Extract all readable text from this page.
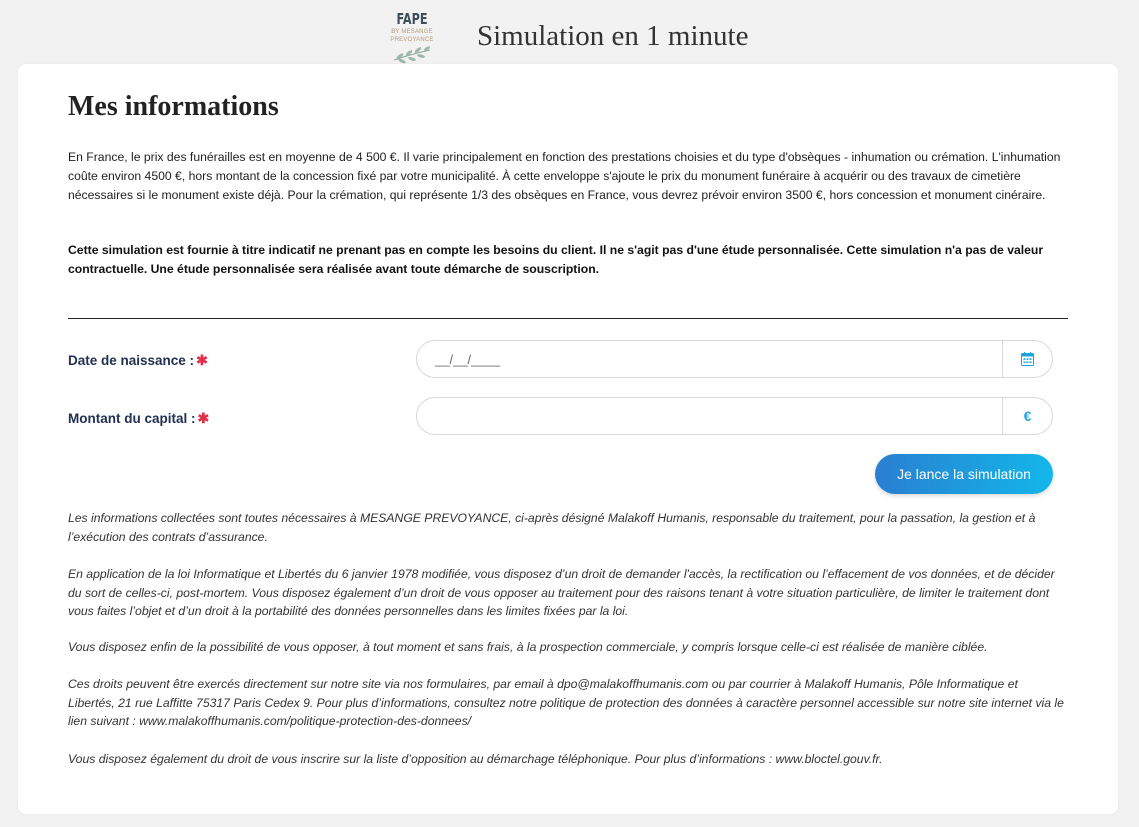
FAPE
BY MESANGE PREVOYANCE	Simulation en 1 minute
Mes informations

En France, le prix des funérailles est en moyenne de 4 500 €. Il varie principalement en fonction des prestations choisies et du type d'obsèques - inhumation ou crémation. L'inhumation coûte environ 4500 €, hors montant de la concession fixé par votre municipalité. À cette enveloppe s'ajoute le prix du monument funéraire à acquérir ou des travaux de cimetière nécessaires si le monument existe déjà. Pour la crémation, qui représente 1/3 des obsèques en France, vous devrez prévoir environ 3500 €, hors concession et monument cinéraire.

Cette simulation est fournie à titre indicatif ne prenant pas en compte les besoins du client. Il ne s'agit pas d'une étude personnalisée. Cette simulation n'a pas de valeur contractuelle. Une étude personnalisée sera réalisée avant toute démarche de souscription.

Date de naissance : ✱
__/__/____
Montant du capital : ✱	€
Je lance la simulation

Les informations collectées sont toutes nécessaires à MESANGE PREVOYANCE, ci-après désigné Malakoff Humanis, responsable du traitement, pour la passation, la gestion et à l’exécution des contrats d’assurance.

En application de la loi Informatique et Libertés du 6 janvier 1978 modifiée, vous disposez d’un droit de demander l'accès, la rectification ou l’effacement de vos données, et de décider du sort de celles-ci, post-mortem. Vous disposez également d’un droit de vous opposer au traitement pour des raisons tenant à votre situation particulière, de limiter le traitement dont vous faites l’objet et d’un droit à la portabilité des données personnelles dans les limites fixées par la loi.

Vous disposez enfin de la possibilité de vous opposer, à tout moment et sans frais, à la prospection commerciale, y compris lorsque celle-ci est réalisée de manière ciblée.

Ces droits peuvent être exercés directement sur notre site via nos formulaires, par email à dpo@malakoffhumanis.com ou par courrier à Malakoff Humanis, Pôle Informatique et Libertés, 21 rue Laffitte 75317 Paris Cedex 9. Pour plus d’informations, consultez notre politique de protection des données à caractère personnel accessible sur notre site internet via le lien suivant : www.malakoffhumanis.com/politique-protection-des-donnees/

Vous disposez également du droit de vous inscrire sur la liste d’opposition au démarchage téléphonique. Pour plus d’informations : www.bloctel.gouv.fr.
